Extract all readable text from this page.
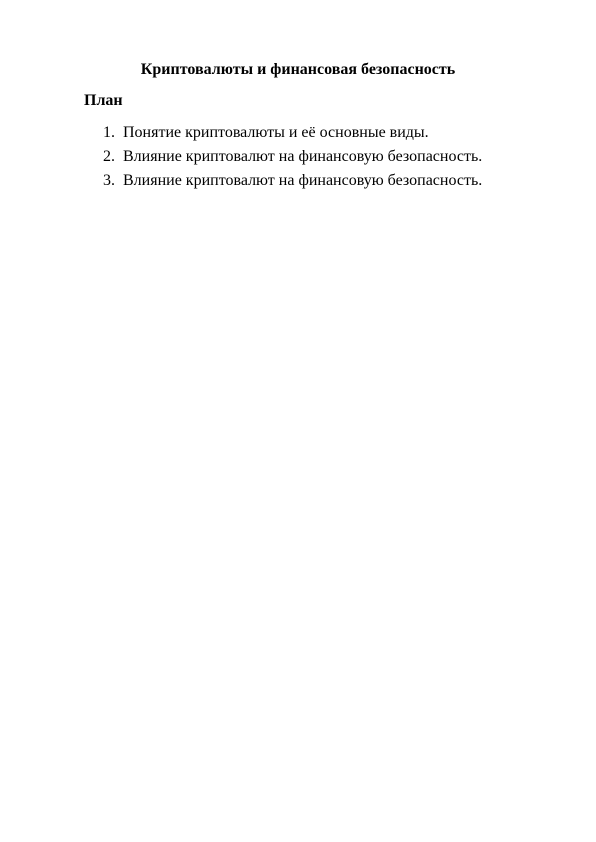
Криптовалюты и финансовая безопасность
План
1. Понятие криптовалюты и её основные виды.
2. Влияние криптовалют на финансовую безопасность.
3. Влияние криптовалют на финансовую безопасность.
